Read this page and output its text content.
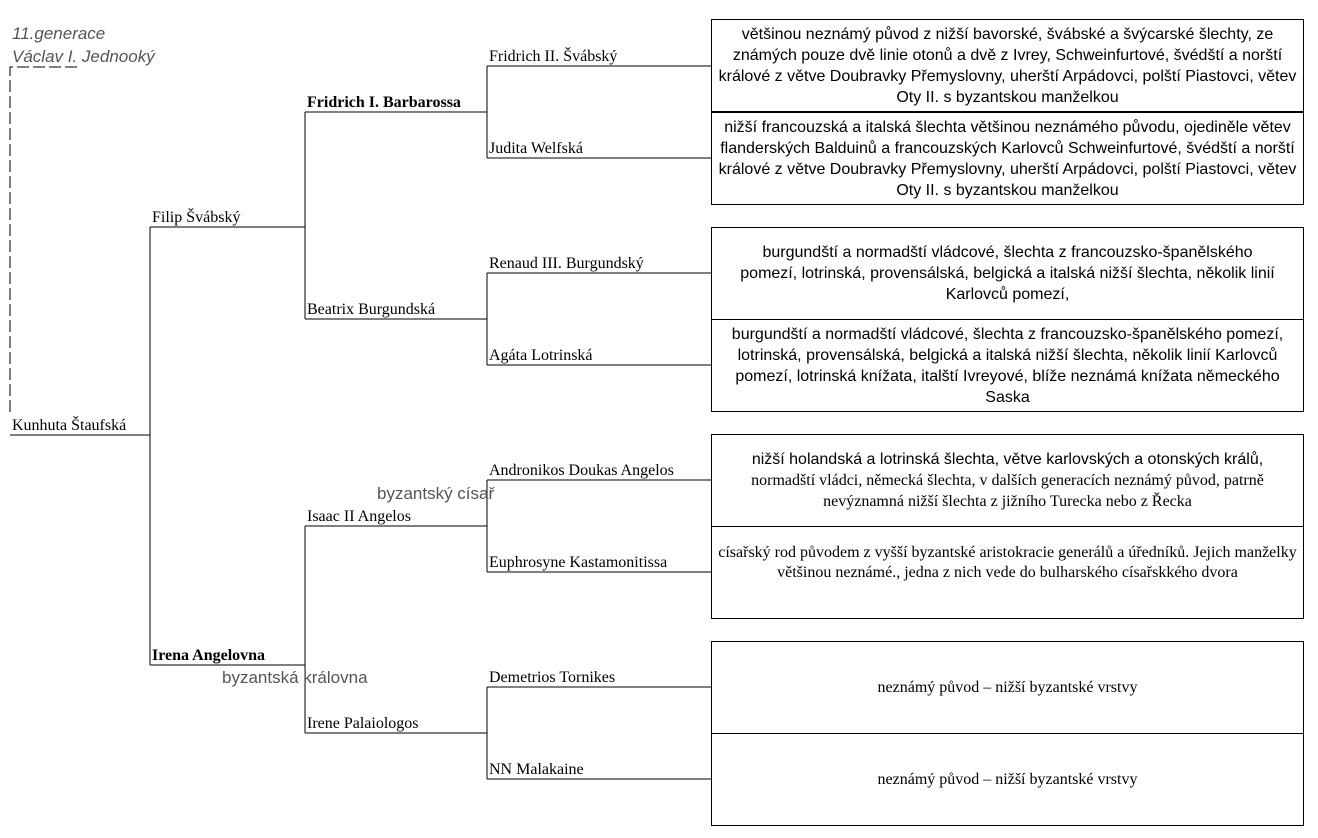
11.generace
Václav I. Jednooký
Kunhuta Štaufská
Filip Švábský
Irena Angelovna
byzantská královna
Fridrich I. Barbarossa
Beatrix Burgundská
Isaac II Angelos
byzantský císař
Irene Palaiologos
Fridrich II. Švábský
Judita Welfská
Renaud III. Burgundský
Agáta Lotrinská
Andronikos Doukas Angelos
Euphrosyne Kastamonitissa
Demetrios Tornikes
NN Malakaine
většinou neznámý původ z nižší bavorské, švábské a švýcarské šlechty, ze známých pouze dvě linie otonů a dvě z Ivrey, Schweinfurtové, švédští a norští králové z větve Doubravky Přemyslovny, uherští Arpádovci, polští Piastovci, větev Oty II. s byzantskou manželkou
nižší francouzská a italská šlechta většinou neznámého původu, ojediněle větev flanderských Balduinů a francouzských Karlovců Schweinfurtové, švédští a norští králové z větve Doubravky Přemyslovny, uherští Arpádovci, polští Piastovci, větev Oty II. s byzantskou manželkou
burgundští a normadští vládcové, šlechta z francouzsko-španělského pomezí, lotrinská, provensálská, belgická a italská nižší šlechta, několik linií Karlovců pomezí,
burgundští a normadští vládcové, šlechta z francouzsko-španělského pomezí, lotrinská, provensálská, belgická a italská nižší šlechta, několik linií Karlovců pomezí, lotrinská knížata, italští Ivreyové, blíže neznámá knížata německého Saska
nižší holandská a lotrinská šlechta, větve karlovských a otonských králů,
normadští vládci, německá šlechta, v dalších generacích neznámý původ, patrně nevýznamná nižší šlechta z jižního Turecka nebo z Řecka
císařský rod původem z vyšší byzantské aristokracie generálů a úředníků. Jejich manželky většinou neznámé., jedna z nich vede do bulharského císařskkého dvora
neznámý původ – nižší byzantské vrstvy
neznámý původ – nižší byzantské vrstvy
